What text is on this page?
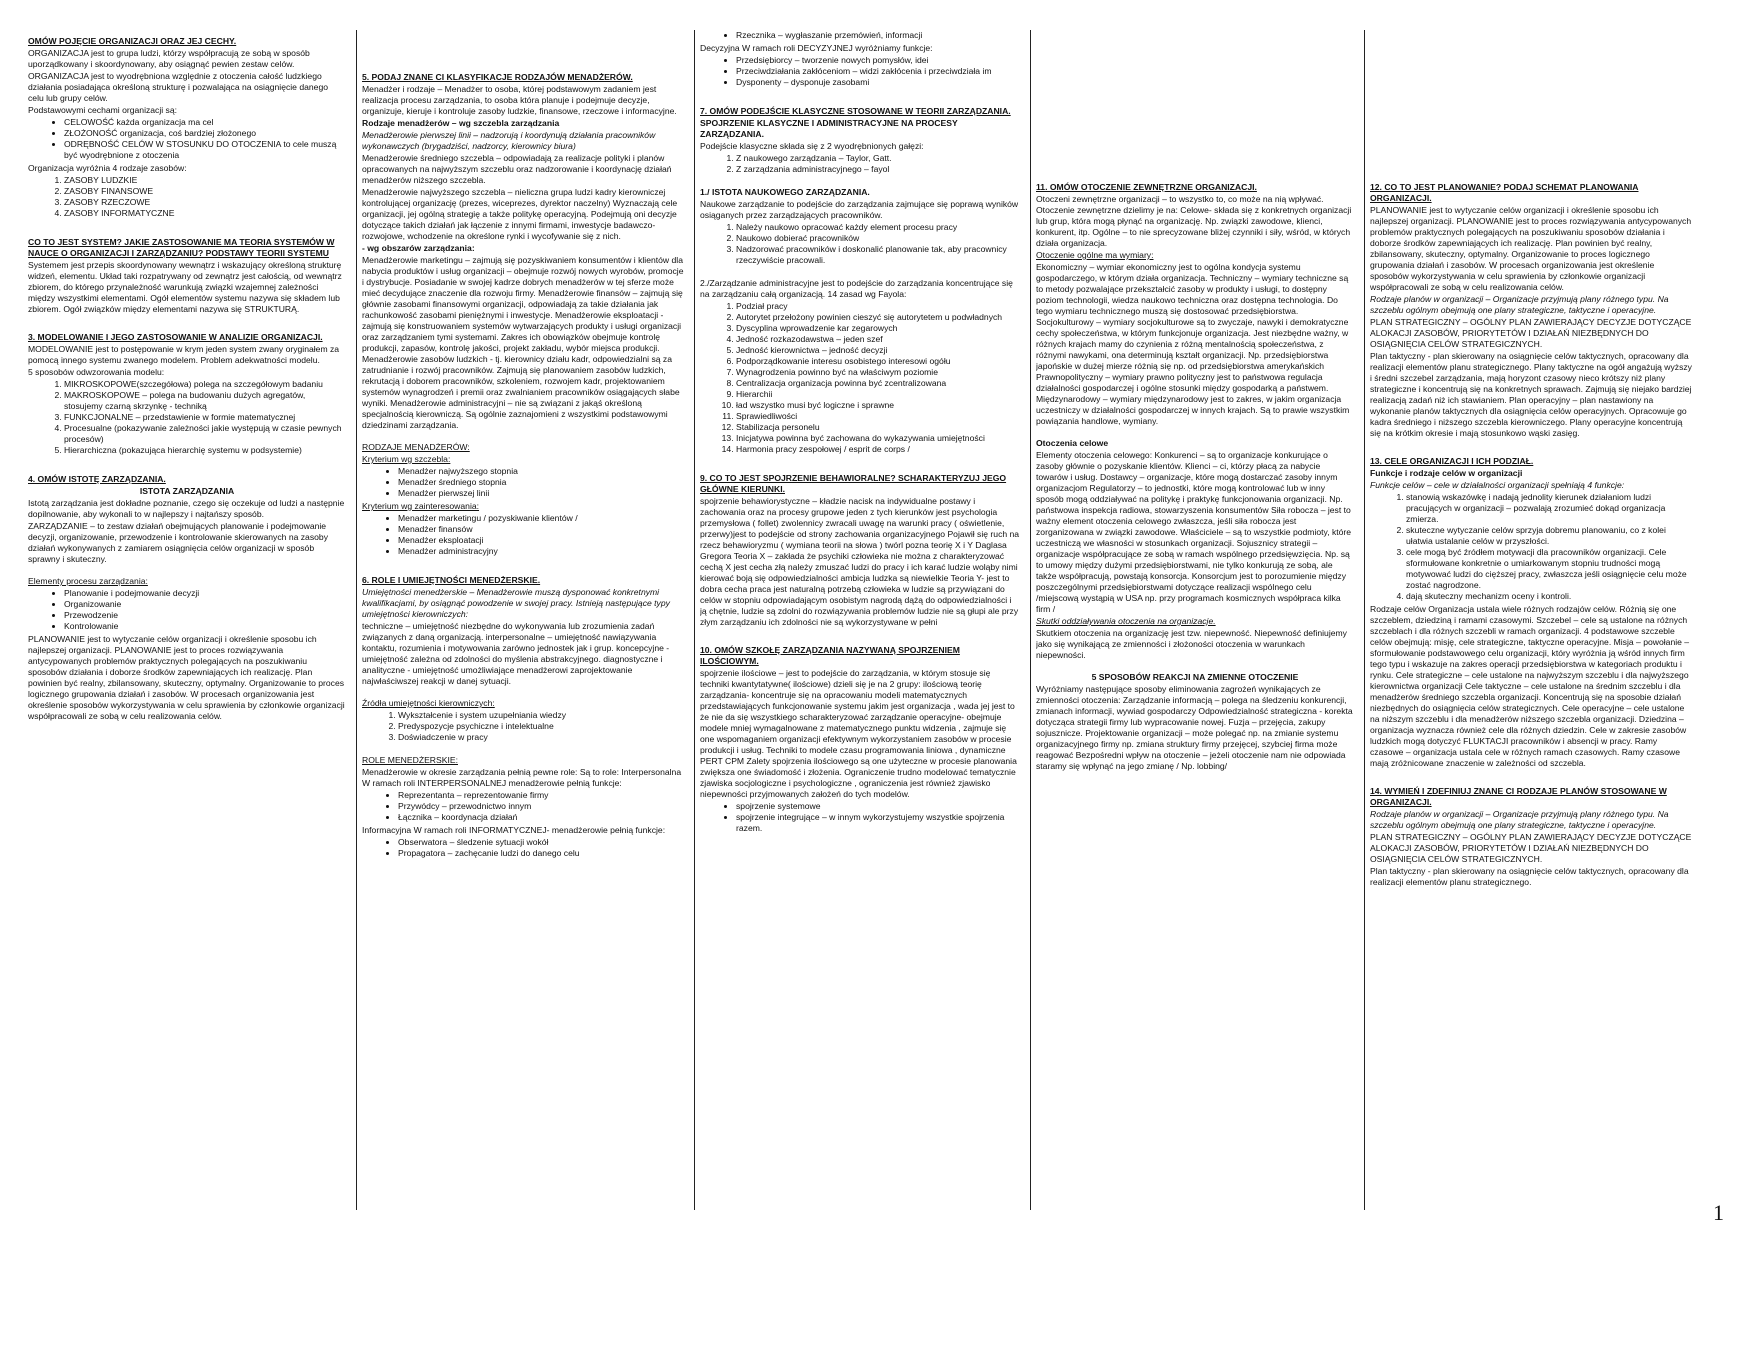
OMÓW POJĘCIE ORGANIZACJI ORAZ JEJ CECHY.

ORGANIZACJA jest to grupa ludzi, którzy współpracują ze sobą w sposób uporządkowany i skoordynowany, aby osiągnąć pewien zestaw celów.

ORGANIZACJA jest to wyodrębniona względnie z otoczenia całość ludzkiego działania posiadająca określoną strukturę i pozwalająca na osiągnięcie danego celu lub grupy celów.

Podstawowymi cechami organizacji są:

• CELOWOŚĆ każda organizacja ma cel
• ZŁOŻONOŚĆ organizacja, coś bardziej złożonego
• ODRĘBNOŚĆ CELÓW W STOSUNKU DO OTOCZENIA to cele muszą być wyodrębnione z otoczenia

Organizacja wyróżnia 4 rodzaje zasobów:

1. ZASOBY LUDZKIE
2. ZASOBY FINANSOWE
3. ZASOBY RZECZOWE
4. ZASOBY INFORMATYCZNE

CO TO JEST SYSTEM? JAKIE ZASTOSOWANIE MA TEORIA SYSTEMÓW W NAUCE O ORGANIZACJI I ZARZĄDZANIU? PODSTAWY TEORII SYSTEMU

Systemem jest przepis skoordynowany wewnątrz i wskazujący określoną strukturę widzeń, elementu. Układ taki rozpatrywany od zewnątrz jest całością, od wewnątrz zbiorem, do którego przynależność warunkują związki wzajemnej zależności między wszystkimi elementami. Ogół elementów systemu nazywa się składem lub zbiorem. Ogół związków między elementami nazywa się STRUKTURĄ.

3. MODELOWANIE I JEGO ZASTOSOWANIE W ANALIZIE ORGANIZACJI.

MODELOWANIE jest to postępowanie w krym jeden system zwany oryginałem za pomocą innego systemu zwanego modelem. Problem adekwatności modelu.

5 sposobów odwzorowania modelu:

1. MIKROSKOPOWE(szczegółowa) polega na szczegółowym badaniu
2. MAKROSKOPOWE – polega na budowaniu dużych agregatów, stosujemy czarną skrzynkę - techniką
3. FUNKCJONALNE – przedstawienie w formie matematycznej
4. Procesualne (pokazywanie zależności jakie występują w czasie pewnych procesów)
5. Hierarchiczna (pokazująca hierarchię systemu w podsystemie)

4. OMÓW ISTOTĘ ZARZĄDZANIA.

ISTOTA ZARZĄDZANIA

Istotą zarządzania jest dokładne poznanie, czego się oczekuje od ludzi a następnie dopilnowanie, aby wykonali to w najlepszy i najtańszy sposób.

ZARZĄDZANIE – to zestaw działań obejmujących planowanie i podejmowanie decyzji, organizowanie, przewodzenie i kontrolowanie skierowanych na zasoby działań wykonywanych z zamiarem osiągnięcia celów organizacji w sposób sprawny i skuteczny.

Elementy procesu zarządzania:

• Planowanie i podejmowanie decyzji
• Organizowanie
• Przewodzenie
• Kontrolowanie

PLANOWANIE jest to wytyczanie celów organizacji i określenie sposobu ich najlepszej organizacji. PLANOWANIE jest to proces rozwiązywania antycypowanych problemów praktycznych polegających na poszukiwaniu sposobów działania i doborze środków zapewniających ich realizację. Plan powinien być realny, zbilansowany, skuteczny, optymalny. Organizowanie to proces logicznego grupowania działań i zasobów. W procesach organizowania jest określenie sposobów wykorzystywania w celu sprawienia by członkowie organizacji współpracowali ze sobą w celu realizowania celów.

5. PODAJ ZNANE CI KLASYFIKACJE RODZAJÓW MENADŻERÓW.

Menadżer i rodzaje – Menadżer to osoba, której podstawowym zadaniem jest realizacja procesu zarządzania, to osoba która planuje i podejmuje decyzje, organizuje, kieruje i kontroluje zasoby ludzkie, finansowe, rzeczowe i informacyjne.

Rodzaje menadżerów – wg szczebla zarządzania

Menadżerowie pierwszej linii – nadzorują i koordynują działania pracowników wykonawczych (brygadziści, nadzorcy, kierownicy biura)

Menadżerowie średniego szczebla – odpowiadają za realizacje polityki i planów opracowanych na najwyższym szczeblu oraz nadzorowanie i koordynację działań menadżerów niższego szczebla.

Menadżerowie najwyższego szczebla – nieliczna grupa ludzi kadry kierowniczej kontrolującej organizację (prezes, wiceprezes, dyrektor naczelny) Wyznaczają cele organizacji, jej ogólną strategię a także politykę operacyjną. Podejmują oni decyzje dotyczące takich działań jak łączenie z innymi firmami, inwestycje badawczo-rozwojowe, wchodzenie na określone rynki i wycofywanie się z nich.

- wg obszarów zarządzania:

Menadżerowie marketingu – zajmują się pozyskiwaniem konsumentów i klientów dla nabycia produktów i usług organizacji – obejmuje rozwój nowych wyrobów, promocje i dystrybucje. Posiadanie w swojej kadrze dobrych menadżerów w tej sferze może mieć decydujące znaczenie dla rozwoju firmy. Menadżerowie finansów – zajmują się głównie zasobami finansowymi organizacji, odpowiadają za takie działania jak rachunkowość zasobami pieniężnymi i inwestycje. Menadżerowie eksploatacji - zajmują się konstruowaniem systemów wytwarzających produkty i usługi organizacji oraz zarządzaniem tymi systemami. Zakres ich obowiązków obejmuje kontrolę produkcji, zapasów, kontrolę jakości, projekt zakładu, wybór miejsca produkcji. Menadżerowie zasobów ludzkich - tj. kierownicy działu kadr, odpowiedzialni są za zatrudnianie i rozwój pracowników. Zajmują się planowaniem zasobów ludzkich, rekrutacją i doborem pracowników, szkoleniem, rozwojem kadr, projektowaniem systemów wynagrodzeń i premii oraz zwalnianiem pracowników osiągających słabe wyniki. Menadżerowie administracyjni – nie są związani z jakąś określoną specjalnością kierowniczą. Są ogólnie zaznajomieni z wszystkimi podstawowymi dziedzinami zarządzania.

RODZAJE MENADŻERÓW:

Kryterium wg szczebla:

• Menadżer najwyższego stopnia
• Menadżer średniego stopnia
• Menadżer pierwszej linii

Kryterium wg zainteresowania:

• Menadżer marketingu / pozyskiwanie klientów /
• Menadżer finansów
• Menadżer eksploatacji
• Menadżer administracyjny

6. ROLE I UMIEJĘTNOŚCI MENEDŻERSKIE.

Umiejętności menedżerskie – Menadżerowie muszą dysponować konkretnymi kwalifikacjami, by osiągnąć powodzenie w swojej pracy. Istnieją następujące typy umiejętności kierowniczych:

techniczne – umiejętność niezbędne do wykonywania lub zrozumienia zadań związanych z daną organizacją. interpersonalne – umiejętność nawiązywania kontaktu, rozumienia i motywowania zarówno jednostek jak i grup. koncepcyjne - umiejętność zależna od zdolności do myślenia abstrakcyjnego. diagnostyczne i analityczne - umiejętność umożliwiające menadżerowi zaprojektowanie najwłaściwszej reakcji w danej sytuacji.

Źródła umiejętności kierowniczych:

1. Wykształcenie i system uzupełniania wiedzy
2. Predyspozycje psychiczne i intelektualne
3. Doświadczenie w pracy

ROLE MENEDŻERSKIE:

Menadżerowie w okresie zarządzania pełnią pewne role: Są to role: Interpersonalna W ramach roli INTERPERSONALNEJ menadżerowie pełnią funkcje:

• Reprezentanta – reprezentowanie firmy
• Przywódcy – przewodnictwo innym
• Łącznika – koordynacja działań

Informacyjna W ramach roli INFORMATYCZNEJ- menadżerowie pełnią funkcje:

• Obserwatora – śledzenie sytuacji wokół
• Propagatora – zachęcanie ludzi do danego celu
• Rzecznika – wygłaszanie przemówień, informacji

Decyzyjna W ramach roli DECYZYJNEJ wyróżniamy funkcje:

• Przedsiębiorcy – tworzenie nowych pomysłów, idei
• Przeciwdziałania zakłóceniom – widzi zakłócenia i przeciwdziała im
• Dysponenty – dysponuje zasobami

7. OMÓW PODEJŚCIE KLASYCZNE STOSOWANE W TEORII ZARZĄDZANIA.

SPOJRZENIE KLASYCZNE I ADMINISTRACYJNE NA PROCESY ZARZĄDZANIA.

Podejście klasyczne składa się z 2 wyodrębnionych gałęzi:

1. Z naukowego zarządzania – Taylor, Gatt.
2. Z zarządzania administracyjnego – fayol

1./ ISTOTA NAUKOWEGO ZARZĄDZANIA.

Naukowe zarządzanie to podejście do zarządzania zajmujące się poprawą wyników osiąganych przez zarządzających pracowników.

1. Należy naukowo opracować każdy element procesu pracy
2. Naukowo dobierać pracowników
3. Nadzorować pracowników i doskonalić planowanie tak, aby pracownicy rzeczywiście pracowali.

2./Zarządzanie administracyjne jest to podejście do zarządzania koncentrujące się na zarządzaniu całą organizacją. 14 zasad wg Fayola:

1. Podział pracy
2. Autorytet przełożony powinien cieszyć się autorytetem u podwładnych
3. Dyscyplina wprowadzenie kar zegarowych
4. Jedność rozkazodawstwa – jeden szef
5. Jedność kierownictwa – jedność decyzji
6. Podporządkowanie interesu osobistego interesowi ogółu
7. Wynagrodzenia powinno być na właściwym poziomie
8. Centralizacja organizacja powinna być zcentralizowana
9. Hierarchii
10. ład wszystko musi być logiczne i sprawne
11. Sprawiedliwości
12. Stabilizacja personelu
13. Inicjatywa powinna być zachowana do wykazywania umiejętności
14. Harmonia pracy zespołowej / esprit de corps /

9. CO TO JEST SPOJRZENIE BEHAWIORALNE? SCHARAKTERYZUJ JEGO GŁÓWNE KIERUNKI.

spojrzenie behawiorystyczne – kładzie nacisk na indywidualne postawy i zachowania oraz na procesy grupowe jeden z tych kierunków jest psychologia przemysłowa ( follet) zwolennicy zwracali uwagę na warunki pracy ( oświetlenie, przerwy)jest to podejście od strony zachowania organizacyjnego Pojawił się ruch na rzecz behawioryzmu ( wymiana teorii na słowa ) twórl pozna teorię X i Y Daglasa Gregora Teoria X – zakłada że psychiki człowieka nie można z charakteryzować cechą X jest cecha złą należy zmuszać ludzi do pracy i ich karać ludzie woląby nimi kierować boją się odpowiedzialności ambicja ludzka są niewielkie Teoria Y- jest to dobra cecha praca jest naturalną potrzebą człowieka w ludzie są przywiązani do celów w stopniu odpowiadającym osobistym nagrodą dążą do odpowiedzialności i ją chętnie, ludzie są zdolni do rozwiązywania problemów ludzie nie są głupi ale przy złym zarządzaniu ich zdolności nie są wykorzystywane w pełni

10. OMÓW SZKOŁĘ ZARZĄDZANIA NAZYWANĄ SPOJRZENIEM ILOŚCIOWYM.

spojrzenie ilościowe – jest to podejście do zarządzania, w którym stosuje się techniki kwantytatywne( ilościowe) dzieli się je na 2 grupy: ilościową teorię zarządzania- koncentruje się na opracowaniu modeli matematycznych przedstawiających funkcjonowanie systemu jakim jest organizacja , wada jej jest to że nie da się wszystkiego scharakteryzować zarządzanie operacyjne- obejmuje modele mniej wymagalnowane z matematycznego punktu widzenia , zajmuje się one wspomaganiem organizacji efektywnym wykorzystaniem zasobów w procesie produkcji i usług. Techniki to modele czasu programowania liniowa , dynamiczne PERT CPM Zalety spojrzenia ilościowego są one użyteczne w procesie planowania zwiększa one świadomość i złożenia. Ograniczenie trudno modelować tematycznie zjawiska socjologiczne i psychologiczne , ograniczenia jest również zjawisko niepewności przyjmowanych założeń do tych modelów.

• spojrzenie systemowe
• spojrzenie integrujące – w innym wykorzystujemy wszystkie spojrzenia razem.

11. OMÓW OTOCZENIE ZEWNĘTRZNE ORGANIZACJI.

Otoczeni zewnętrzne organizacji – to wszystko to, co może na nią wpływać. Otoczenie zewnętrzne dzielimy je na: Celowe- składa się z konkretnych organizacji lub grup, która mogą płynąć na organizację. Np. związki zawodowe, klienci, konkurent, itp. Ogólne – to nie sprecyzowane bliżej czynniki i siły, wśród, w których działa organizacja.

Otoczenie ogólne ma wymiary:

Ekonomiczny – wymiar ekonomiczny jest to ogólna kondycja systemu gospodarczego, w którym działa organizacja. Techniczny – wymiary techniczne są to metody pozwalające przekształcić zasoby w produkty i usługi, to dostępny poziom technologii, wiedza naukowo techniczna oraz dostępna technologia. Do tego wymiaru technicznego muszą się dostosować przedsiębiorstwa. Socjokulturowy – wymiary socjokulturowe są to zwyczaje, nawyki i demokratyczne cechy społeczeństwa, w którym funkcjonuje organizacja. Jest niezbędne ważny, w różnych krajach mamy do czynienia z różną mentalnością społeczeństwa, z różnymi nawykami, ona determinują kształt organizacji. Np. przedsiębiorstwa japońskie w dużej mierze różnią się np. od przedsiębiorstwa amerykańskich Prawnopolityczny – wymiary prawno polityczny jest to państwowa regulacja działalności gospodarczej i ogólne stosunki między gospodarką a państwem. Międzynarodowy – wymiary międzynarodowy jest to zakres, w jakim organizacja uczestniczy w działalności gospodarczej w innych krajach. Są to prawie wszystkim powiązania handlowe, wymiany.

Otoczenia celowe

Elementy otoczenia celowego: Konkurenci – są to organizacje konkurujące o zasoby głównie o pozyskanie klientów. Klienci – ci, którzy płacą za nabycie towarów i usług. Dostawcy – organizacje, które mogą dostarczać zasoby innym organizacjom Regulatorzy – to jednostki, które mogą kontrolować lub w inny sposób mogą oddziaływać na politykę i praktykę funkcjonowania organizacji. Np. państwowa inspekcja radiowa, stowarzyszenia konsumentów Siła robocza – jest to ważny element otoczenia celowego zwłaszcza, jeśli siła robocza jest zorganizowana w związki zawodowe. Właściciele – są to wszystkie podmioty, które uczestniczą we własności w stosunkach organizacji. Sojusznicy strategii – organizacje współpracujące ze sobą w ramach wspólnego przedsięwzięcia. Np. są to umowy między dużymi przedsiębiorstwami, nie tylko konkurują ze sobą, ale także współpracują, powstają konsorcja. Konsorcjum jest to porozumienie między poszczególnymi przedsiębiorstwami dotyczące realizacji wspólnego celu /miejscową wystąpią w USA np. przy programach kosmicznych współpraca kilka firm /

Skutki oddziaływania otoczenia na organizacje.

Skutkiem otoczenia na organizację jest tzw. niepewność. Niepewność definiujemy jako się wynikającą ze zmienności i złożoności otoczenia w warunkach niepewności.

5 SPOSOBÓW REAKCJI NA ZMIENNE OTOCZENIE

Wyróżniamy następujące sposoby eliminowania zagrożeń wynikających ze zmienności otoczenia: Zarządzanie informacją – polega na śledzeniu konkurencji, zmianach informacji, wywiad gospodarczy Odpowiedzialność strategiczna - korekta dotycząca strategii firmy lub wypracowanie nowej. Fuzja – przejęcia, zakupy sojusznicze. Projektowanie organizacji – może polegać np. na zmianie systemu organizacyjnego firmy np. zmiana struktury firmy przejęcej, szybciej firma może reagować Bezpośredni wpływ na otoczenie – jeżeli otoczenie nam nie odpowiada staramy się wpłynąć na jego zmianę / Np. lobbing/

12. CO TO JEST PLANOWANIE? PODAJ SCHEMAT PLANOWANIA ORGANIZACJI.

PLANOWANIE jest to wytyczanie celów organizacji i określenie sposobu ich najlepszej organizacji. PLANOWANIE jest to proces rozwiązywania antycypowanych problemów praktycznych polegających na poszukiwaniu sposobów działania i doborze środków zapewniających ich realizację. Plan powinien być realny, zbilansowany, skuteczny, optymalny. Organizowanie to proces logicznego grupowania działań i zasobów. W procesach organizowania jest określenie sposobów wykorzystywania w celu sprawienia by członkowie organizacji współpracowali ze sobą w celu realizowania celów.

Rodzaje planów w organizacji – Organizacje przyjmują plany różnego typu. Na szczeblu ogólnym obejmują one plany strategiczne, taktyczne i operacyjne.

PLAN STRATEGICZNY – OGÓLNY PLAN ZAWIERAJĄCY DECYZJE DOTYCZĄCE ALOKACJI ZASOBÓW, PRIORYTETÓW I DZIAŁAŃ NIEZBĘDNYCH DO OSIĄGNIĘCIA CELÓW STRATEGICZNYCH.

Plan taktyczny - plan skierowany na osiągnięcie celów taktycznych, opracowany dla realizacji elementów planu strategicznego. Plany taktyczne na ogół angażują wyższy i średni szczebel zarządzania, mają horyzont czasowy nieco krótszy niż plany strategiczne i koncentrują się na konkretnych sprawach. Zajmują się niejako bardziej realizacją zadań niż ich stawianiem. Plan operacyjny – plan nastawiony na wykonanie planów taktycznych dla osiągnięcia celów operacyjnych. Opracowuje go kadra średniego i niższego szczebla kierowniczego. Plany operacyjne koncentrują się na krótkim okresie i mają stosunkowo wąski zasięg.

13. CELE ORGANIZACJI I ICH PODZIAŁ.

Funkcje i rodzaje celów w organizacji

Funkcje celów – cele w działalności organizacji spełniają 4 funkcje:

1. stanowią wskazówkę i nadają jednolity kierunek działaniom ludzi pracujących w organizacji – pozwalają zrozumieć dokąd organizacja zmierza.
2. skuteczne wytyczanie celów sprzyja dobremu planowaniu, co z kolei ułatwia ustalanie celów w przyszłości.
3. cele mogą być źródłem motywacji dla pracowników organizacji. Cele sformułowane konkretnie o umiarkowanym stopniu trudności mogą motywować ludzi do cięższej pracy, zwłaszcza jeśli osiągnięcie celu może zostać nagrodzone.
4. dają skuteczny mechanizm oceny i kontroli.

Rodzaje celów Organizacja ustala wiele różnych rodzajów celów. Różnią się one szczeblem, dziedziną i ramami czasowymi. Szczebel – cele są ustalone na różnych szczeblach i dla różnych szczebli w ramach organizacji. 4 podstawowe szczeble celów obejmują: misję, cele strategiczne, taktyczne operacyjne. Misja – powołanie – sformułowanie podstawowego celu organizacji, który wyróżnia ją wśród innych firm tego typu i wskazuje na zakres operacji przedsiębiorstwa w kategoriach produktu i rynku. Cele strategiczne – cele ustalone na najwyższym szczeblu i dla najwyższego kierownictwa organizacji Cele taktyczne – cele ustalone na średnim szczeblu i dla menadżerów średniego szczebla organizacji. Koncentrują się na sposobie działań niezbędnych do osiągnięcia celów strategicznych. Cele operacyjne – cele ustalone na niższym szczeblu i dla menadżerów niższego szczebla organizacji. Dziedzina – organizacja wyznacza również cele dla różnych dziedzin. Cele w zakresie zasobów ludzkich mogą dotyczyć FLUKTACJI pracowników i absencji w pracy. Ramy czasowe – organizacja ustala cele w różnych ramach czasowych. Ramy czasowe mają zróżnicowane znaczenie w zależności od szczebla.

14. WYMIEŃ I ZDEFINIUJ ZNANE CI RODZAJE PLANÓW STOSOWANE W ORGANIZACJI.

Rodzaje planów w organizacji – Organizacje przyjmują plany różnego typu. Na szczeblu ogólnym obejmują one plany strategiczne, taktyczne i operacyjne.

PLAN STRATEGICZNY – OGÓLNY PLAN ZAWIERAJĄCY DECYZJE DOTYCZĄCE ALOKACJI ZASOBÓW, PRIORYTETÓW I DZIAŁAŃ NIEZBĘDNYCH DO OSIĄGNIĘCIA CELÓW STRATEGICZNYCH.

Plan taktyczny - plan skierowany na osiągnięcie celów taktycznych, opracowany dla realizacji elementów planu strategicznego.

1
